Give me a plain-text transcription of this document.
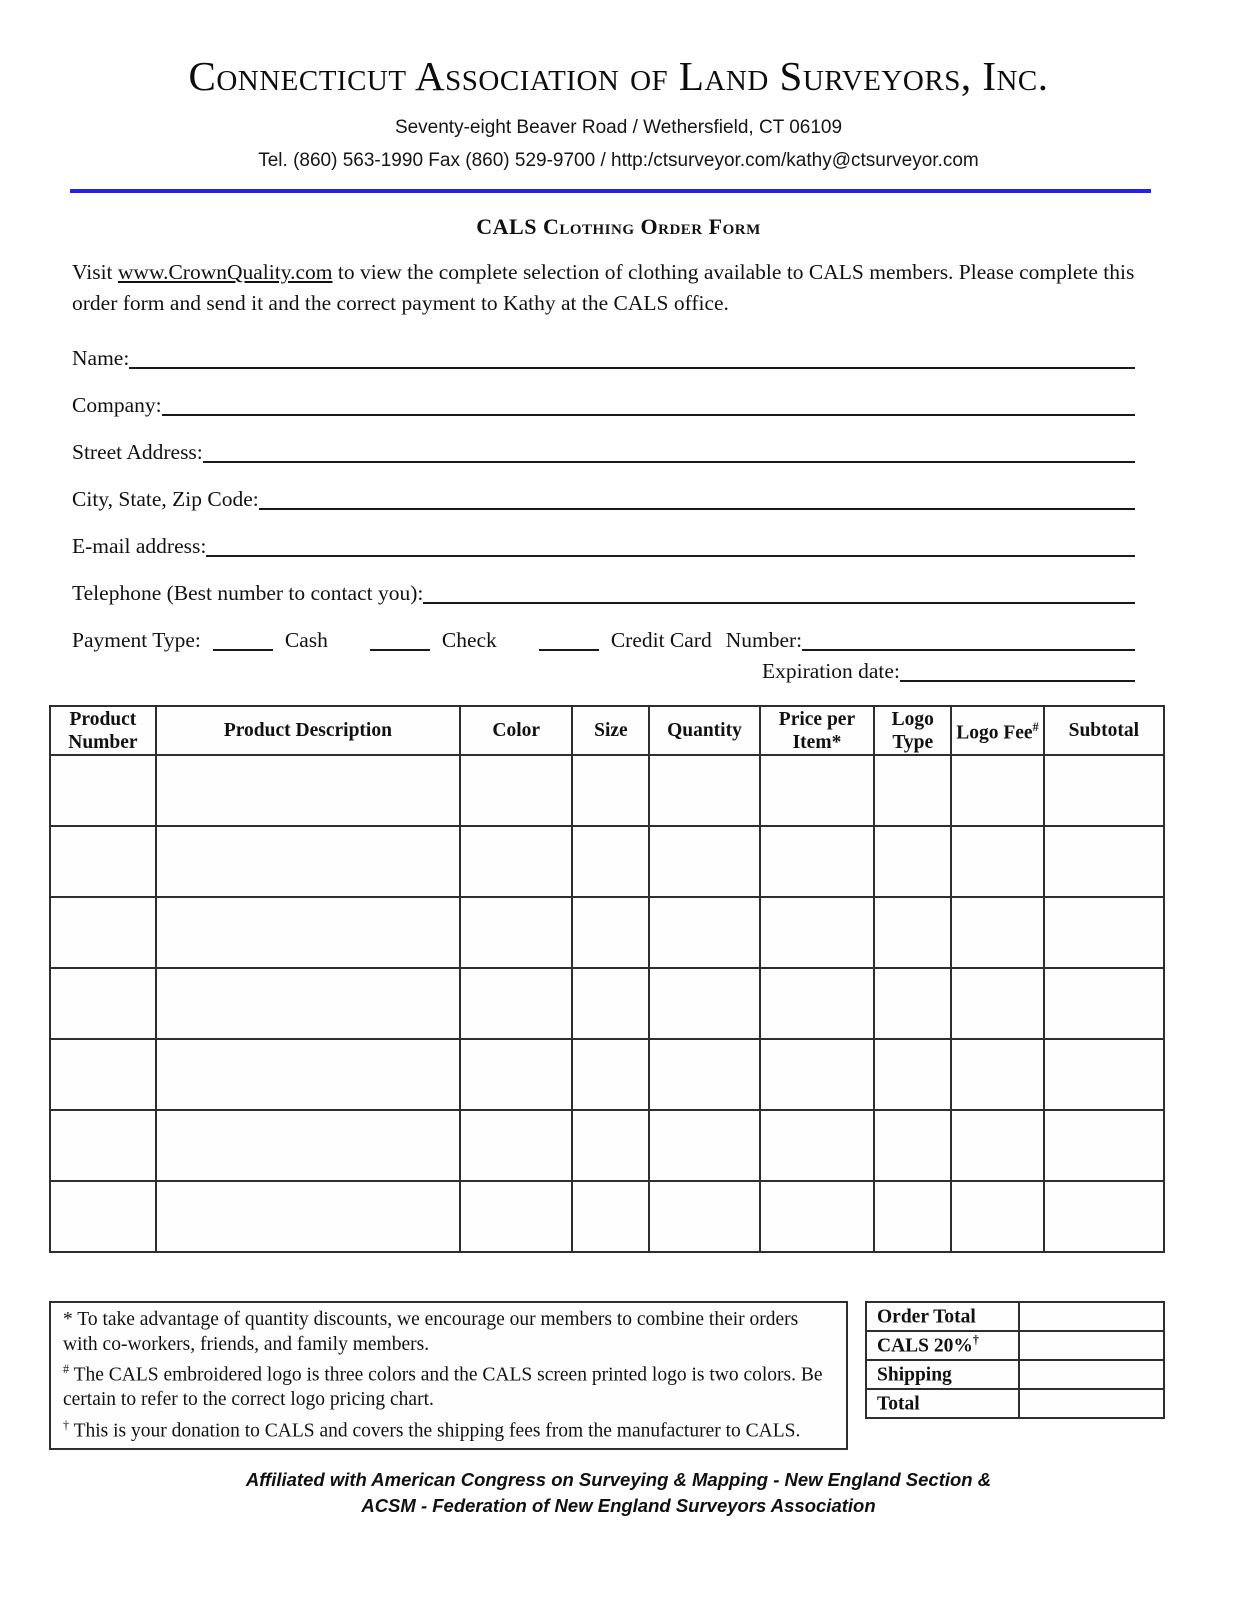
Connecticut Association of Land Surveyors, Inc.
Seventy-eight Beaver Road / Wethersfield, CT 06109
Tel. (860) 563-1990 Fax (860) 529-9700 / http:/ctsurveyor.com/kathy@ctsurveyor.com
CALS Clothing Order Form

Visit www.CrownQuality.com to view the complete selection of clothing available to CALS members. Please complete this order form and send it and the correct payment to Kathy at the CALS office.

Name:
Company:
Street Address:
City, State, Zip Code:
E-mail address:
Telephone (Best number to contact you):
Payment Type:	Cash	Check	Credit Card Number:
Expiration date:
Product Number	Product Description	Color	Size	Quantity	Price per Item*	Logo Type	Logo Fee#	Subtotal

* To take advantage of quantity discounts, we encourage our members to combine their orders with co-workers, friends, and family members.

# The CALS embroidered logo is three colors and the CALS screen printed logo is two colors. Be certain to refer to the correct logo pricing chart.

† This is your donation to CALS and covers the shipping fees from the manufacturer to CALS.

Order Total	
CALS 20%†	
Shipping	
Total	
Affiliated with American Congress on Surveying & Mapping - New England Section &
ACSM - Federation of New England Surveyors Association
